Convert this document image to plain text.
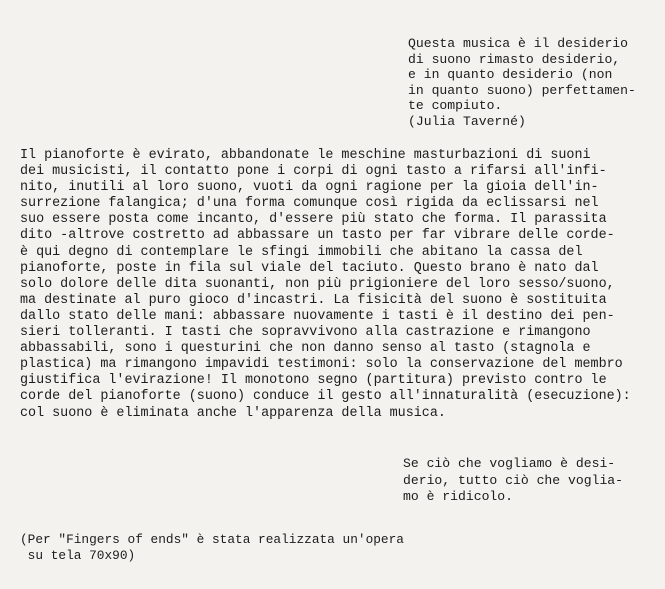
Questa musica è il desiderio
di suono rimasto desiderio,
e in quanto desiderio (non
in quanto suono) perfettamen-
te compiuto.
(Julia Taverné)
Il pianoforte è evirato, abbandonate le meschine masturbazioni di suoni
dei musicisti, il contatto pone i corpi di ogni tasto a rifarsi all'infi-
nito, inutili al loro suono, vuoti da ogni ragione per la gioia dell'in-
surrezione falangica; d'una forma comunque così rigida da eclissarsi nel
suo essere posta come incanto, d'essere più stato che forma. Il parassita
dito -altrove costretto ad abbassare un tasto per far vibrare delle corde-
è qui degno di contemplare le sfingi immobili che abitano la cassa del
pianoforte, poste in fila sul viale del taciuto. Questo brano è nato dal
solo dolore delle dita suonanti, non più prigioniere del loro sesso/suono,
ma destinate al puro gioco d'incastri. La fisicità del suono è sostituita
dallo stato delle mani: abbassare nuovamente i tasti è il destino dei pen-
sieri tolleranti. I tasti che sopravvivono alla castrazione e rimangono
abbassabili, sono i questurini che non danno senso al tasto (stagnola e
plastica) ma rimangono impavidi testimoni: solo la conservazione del membro
giustifica l'evirazione! Il monotono segno (partitura) previsto contro le
corde del pianoforte (suono) conduce il gesto all'innaturalità (esecuzione):
col suono è eliminata anche l'apparenza della musica.
Se ciò che vogliamo è desi-
derio, tutto ciò che voglia-
mo è ridicolo.
(Per "Fingers of ends" è stata realizzata un'opera
su tela 70x90)
